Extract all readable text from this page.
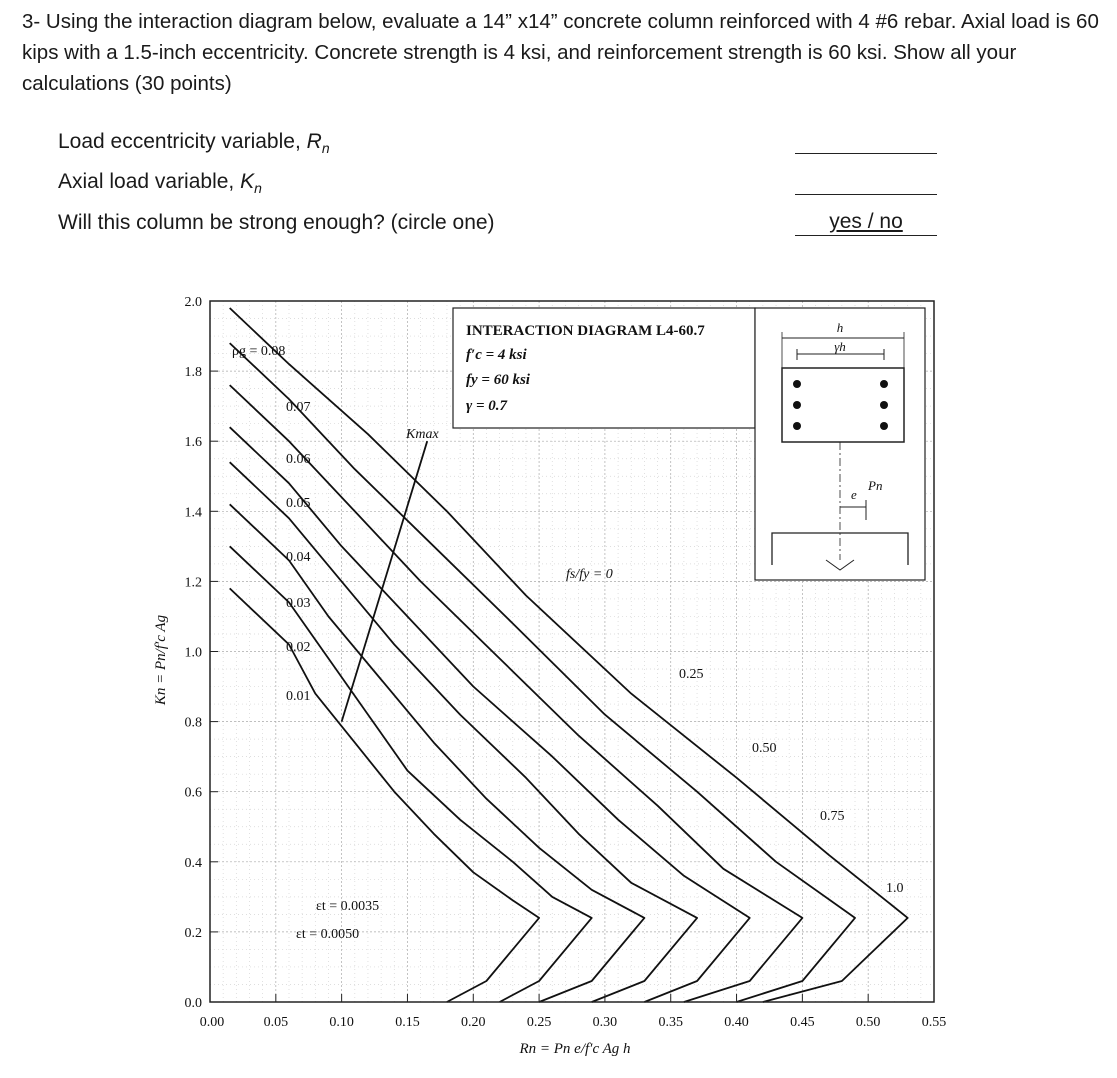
3- Using the interaction diagram below, evaluate a 14” x14” concrete column reinforced with 4 #6 rebar. Axial load is 60 kips with a 1.5-inch eccentricity. Concrete strength is 4 ksi, and reinforcement strength is 60 ksi. Show all your calculations (30 points)
Load eccentricity variable, $R_n$
Axial load variable, $K_n$
Will this column be strong enough? (circle one)	yes / no
0.00	0.05	0.10	0.15	0.20	0.25	0.30	0.35	0.40	0.45	0.50	0.55
0.0
0.2
0.4
0.6
0.8
1.0
1.2
1.4
1.6
1.8
2.0
Rn = Pn e/f′c Ag h
Kn = Pn/f′c Ag
INTERACTION DIAGRAM L4-60.7
f′c = 4 ksi
fy = 60 ksi
γ = 0.7
h
γh
e
Pn
ρg = 0.08
0.07
0.06
0.05
0.04
0.03
0.02
0.01
Kmax
fs/fy = 0
εt = 0.0035
εt = 0.0050
0.25
0.50
0.75
1.0
